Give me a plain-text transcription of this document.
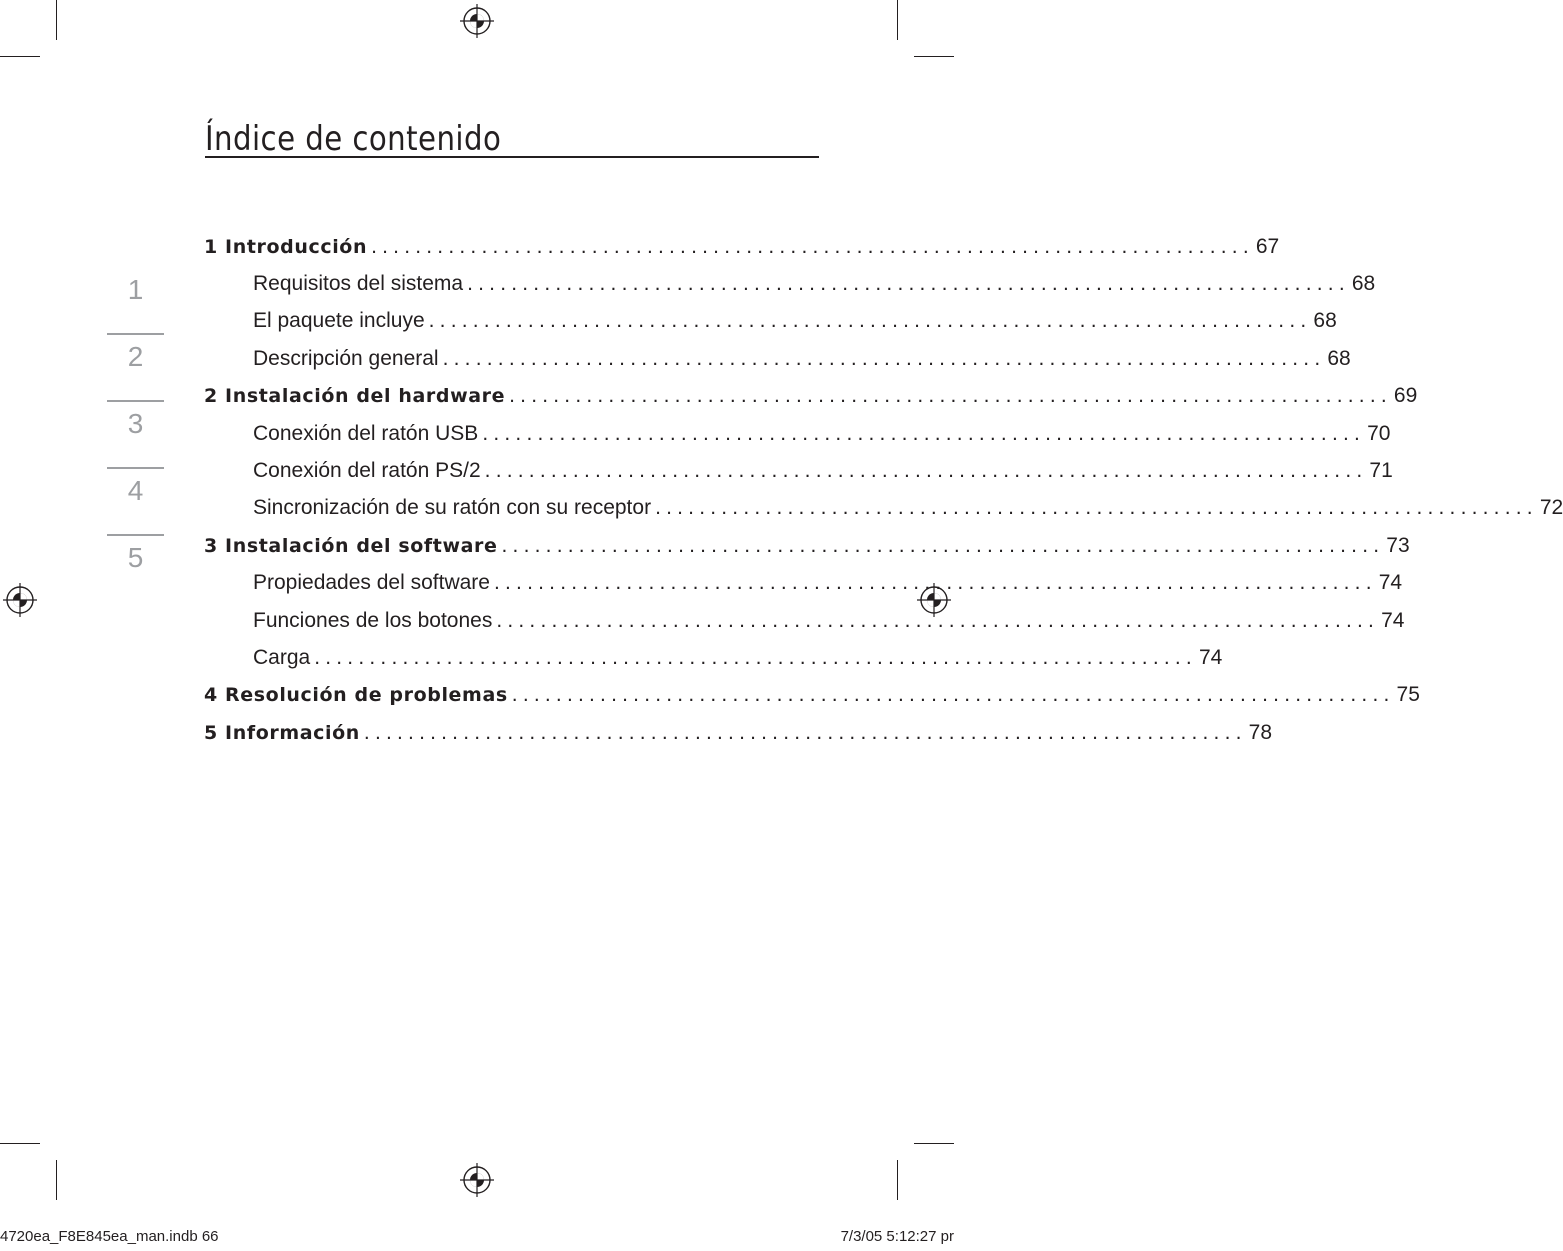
Índice de contenido
1
2
3
4
5
1 Introducción ................................................................................ 67
Requisitos del sistema ................................................................................ 68
El paquete incluye ................................................................................ 68
Descripción general ................................................................................ 68
2 Instalación del hardware ................................................................................ 69
Conexión del ratón USB ................................................................................ 70
Conexión del ratón PS/2 ................................................................................ 71
Sincronización de su ratón con su receptor ................................................................................ 72
3 Instalación del software ................................................................................ 73
Propiedades del software ................................................................................ 74
Funciones de los botones ................................................................................ 74
Carga ................................................................................ 74
4 Resolución de problemas ................................................................................ 75
5 Información ................................................................................ 78
4720ea_F8E845ea_man.indb 66	7/3/05 5:12:27 pr
